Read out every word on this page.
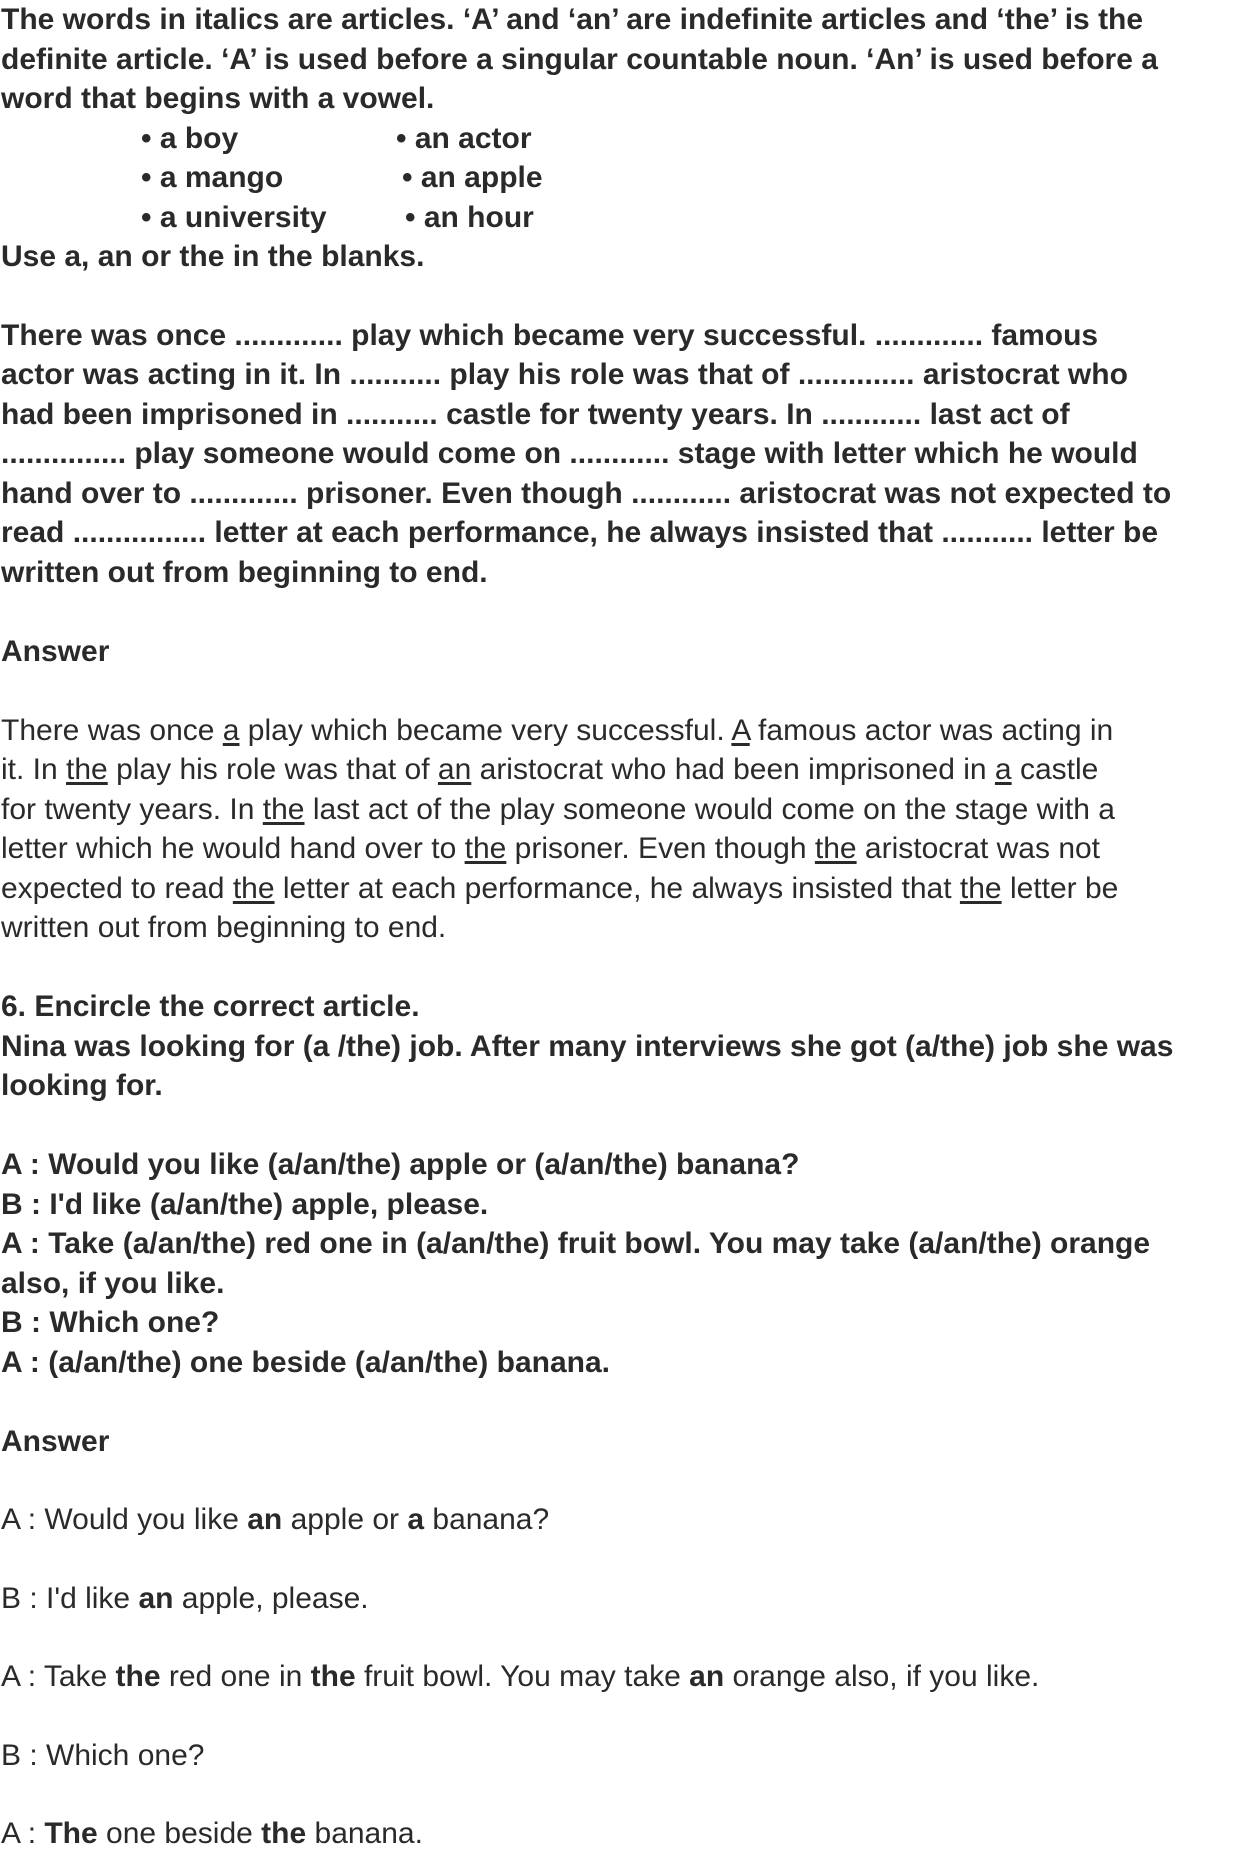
The words in italics are articles. ‘A’ and ‘an’ are indefinite articles and ‘the’ is the

definite article. ‘A’ is used before a singular countable noun. ‘An’ is used before a

word that begins with a vowel.

• a boy
• a mango
• a university
• an actor
• an apple
• an hour

Use a, an or the in the blanks.

There was once ............. play which became very successful. ............. famous

actor was acting in it. In ........... play his role was that of .............. aristocrat who

had been imprisoned in ........... castle for twenty years. In ............ last act of

............... play someone would come on ............ stage with letter which he would

hand over to ............. prisoner. Even though ............ aristocrat was not expected to

read ................ letter at each performance, he always insisted that ........... letter be

written out from beginning to end.

Answer

There was once a play which became very successful. A famous actor was acting in

it. In the play his role was that of an aristocrat who had been imprisoned in a castle

for twenty years. In the last act of the play someone would come on the stage with a

letter which he would hand over to the prisoner. Even though the aristocrat was not

expected to read the letter at each performance, he always insisted that the letter be

written out from beginning to end.

6. Encircle the correct article.

Nina was looking for (a /the) job. After many interviews she got (a/the) job she was

looking for.

A : Would you like (a/an/the) apple or (a/an/the) banana?

B : I'd like (a/an/the) apple, please.

A : Take (a/an/the) red one in (a/an/the) fruit bowl. You may take (a/an/the) orange

also, if you like.

B : Which one?

A : (a/an/the) one beside (a/an/the) banana.

Answer

A : Would you like an apple or a banana?

B : I'd like an apple, please.

A : Take the red one in the fruit bowl. You may take an orange also, if you like.

B : Which one?

A : The one beside the banana.
